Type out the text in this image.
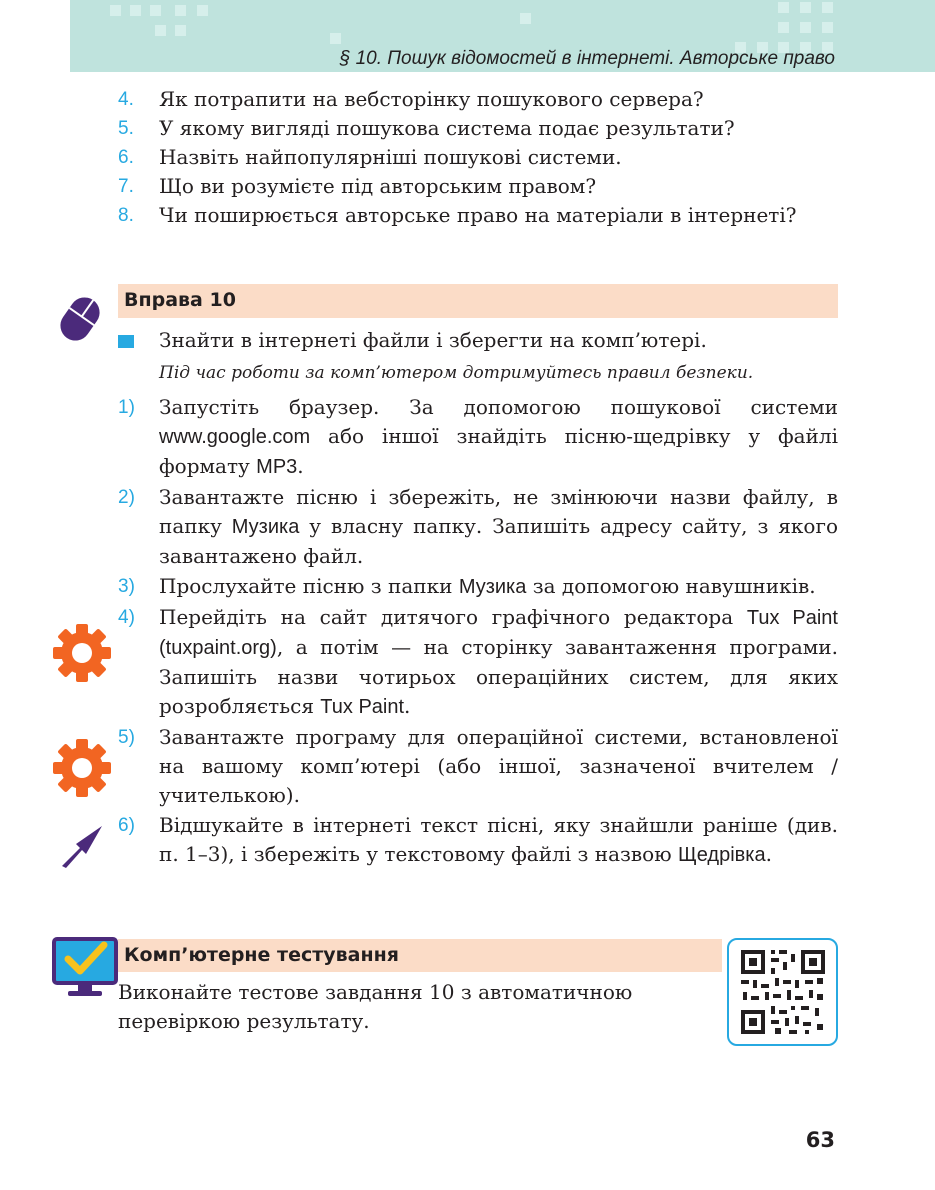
§ 10. Пошук відомостей в інтернеті. Авторське право
4.	Як потрапити на вебсторінку пошукового сервера?
5.	У якому вигляді пошукова система подає результати?
6.	Назвіть найпопулярніші пошукові системи.
7.	Що ви розумієте під авторським правом?
8.	Чи поширюється авторське право на матеріали в інтернеті?
Вправа 10
Знайти в інтернеті файли і зберегти на комп’ютері.
Під час роботи за комп’ютером дотримуйтесь правил безпеки.
1)	Запустіть браузер. За допомогою пошукової системи www.google.com або іншої знайдіть пісню-щедрівку у файлі формату MP3.
2)	Завантажте пісню і збережіть, не змінюючи назви файлу, в папку Музика у власну папку. Запишіть адресу сайту, з якого завантажено файл.
3)	Прослухайте пісню з папки Музика за допомогою навушників.
4)	Перейдіть на сайт дитячого графічного редактора Tux Paint (tuxpaint.org), а потім — на сторінку завантаження програми. Запишіть назви чотирьох операційних систем, для яких розробляється Tux Paint.
5)	Завантажте програму для операційної системи, встановленої на вашому комп’ютері (або іншої, зазначеної вчителем / учителькою).
6)	Відшукайте в інтернеті текст пісні, яку знайшли раніше (див. п. 1–3), і збережіть у текстовому файлі з назвою Щедрівка.
Комп’ютерне тестування
Виконайте тестове завдання 10 з автоматичною перевіркою результату.
63
